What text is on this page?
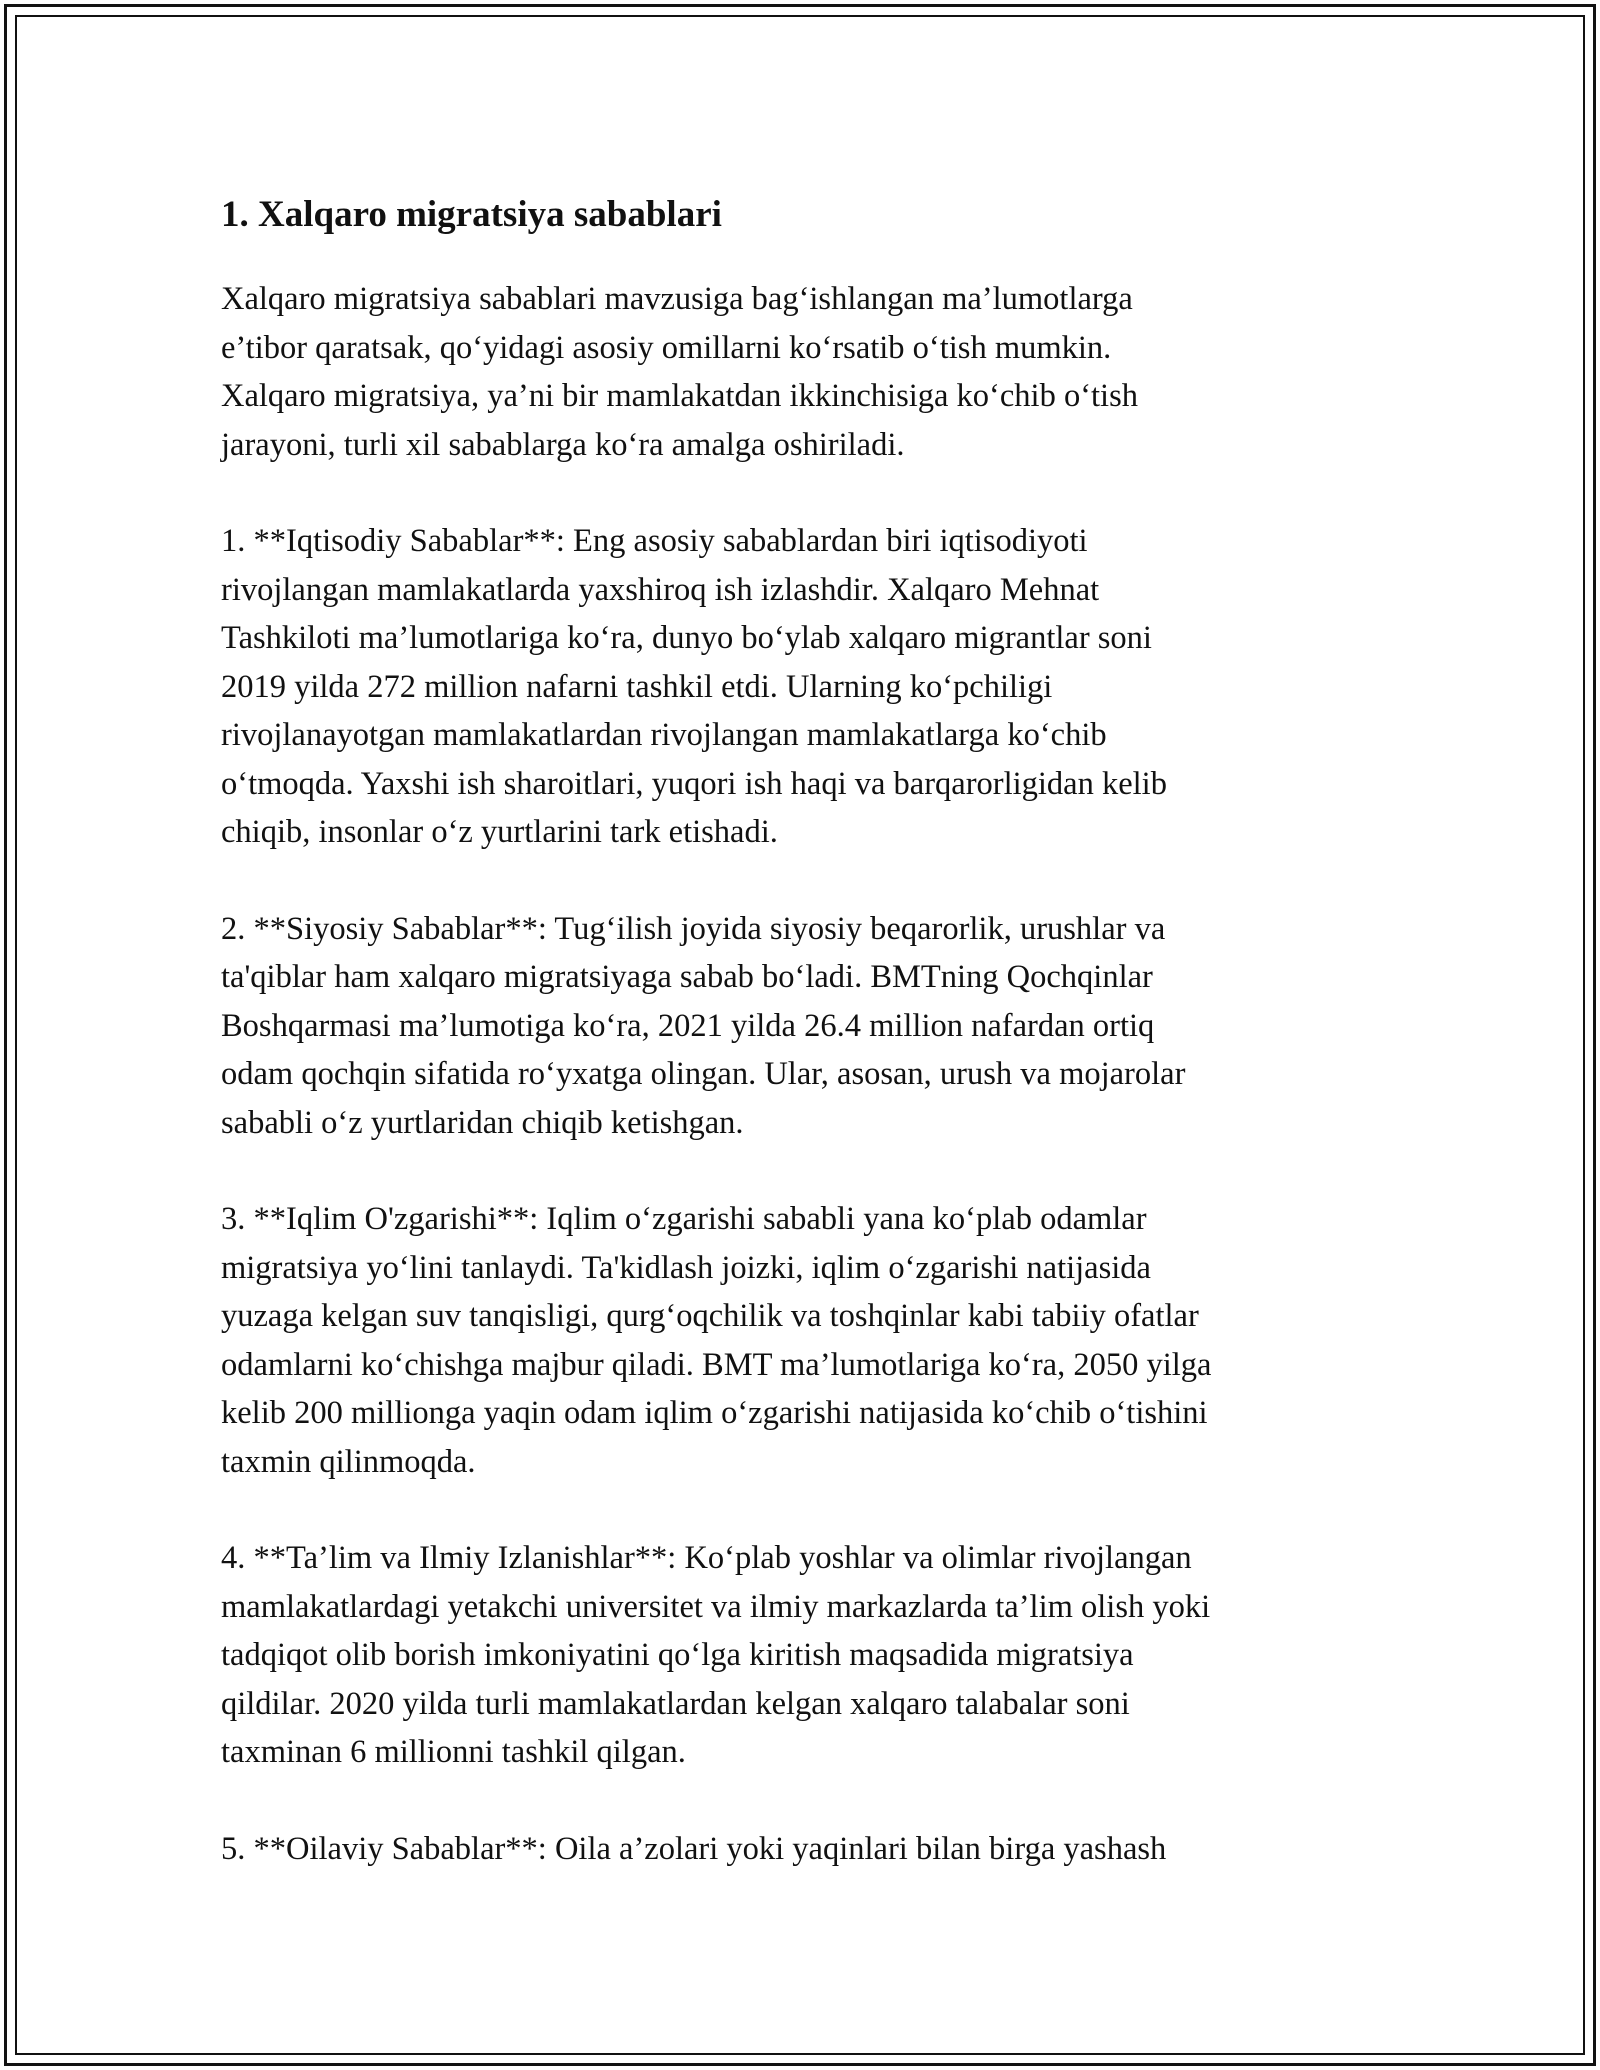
1. Xalqaro migratsiya sabablari

Xalqaro migratsiya sabablari mavzusiga bag‘ishlangan ma’lumotlarga
e’tibor qaratsak, qo‘yidagi asosiy omillarni ko‘rsatib o‘tish mumkin.
Xalqaro migratsiya, ya’ni bir mamlakatdan ikkinchisiga ko‘chib o‘tish
jarayoni, turli xil sabablarga ko‘ra amalga oshiriladi.

1. **Iqtisodiy Sabablar**: Eng asosiy sabablardan biri iqtisodiyoti
rivojlangan mamlakatlarda yaxshiroq ish izlashdir. Xalqaro Mehnat
Tashkiloti ma’lumotlariga ko‘ra, dunyo bo‘ylab xalqaro migrantlar soni
2019 yilda 272 million nafarni tashkil etdi. Ularning ko‘pchiligi
rivojlanayotgan mamlakatlardan rivojlangan mamlakatlarga ko‘chib
o‘tmoqda. Yaxshi ish sharoitlari, yuqori ish haqi va barqarorligidan kelib
chiqib, insonlar o‘z yurtlarini tark etishadi.

2. **Siyosiy Sabablar**: Tug‘ilish joyida siyosiy beqarorlik, urushlar va
ta'qiblar ham xalqaro migratsiyaga sabab bo‘ladi. BMTning Qochqinlar
Boshqarmasi ma’lumotiga ko‘ra, 2021 yilda 26.4 million nafardan ortiq
odam qochqin sifatida ro‘yxatga olingan. Ular, asosan, urush va mojarolar
sababli o‘z yurtlaridan chiqib ketishgan.

3. **Iqlim O'zgarishi**: Iqlim o‘zgarishi sababli yana ko‘plab odamlar
migratsiya yo‘lini tanlaydi. Ta'kidlash joizki, iqlim o‘zgarishi natijasida
yuzaga kelgan suv tanqisligi, qurg‘oqchilik va toshqinlar kabi tabiiy ofatlar
odamlarni ko‘chishga majbur qiladi. BMT ma’lumotlariga ko‘ra, 2050 yilga
kelib 200 millionga yaqin odam iqlim o‘zgarishi natijasida ko‘chib o‘tishini
taxmin qilinmoqda.

4. **Ta’lim va Ilmiy Izlanishlar**: Ko‘plab yoshlar va olimlar rivojlangan
mamlakatlardagi yetakchi universitet va ilmiy markazlarda ta’lim olish yoki
tadqiqot olib borish imkoniyatini qo‘lga kiritish maqsadida migratsiya
qildilar. 2020 yilda turli mamlakatlardan kelgan xalqaro talabalar soni
taxminan 6 millionni tashkil qilgan.

5. **Oilaviy Sabablar**: Oila a’zolari yoki yaqinlari bilan birga yashash
